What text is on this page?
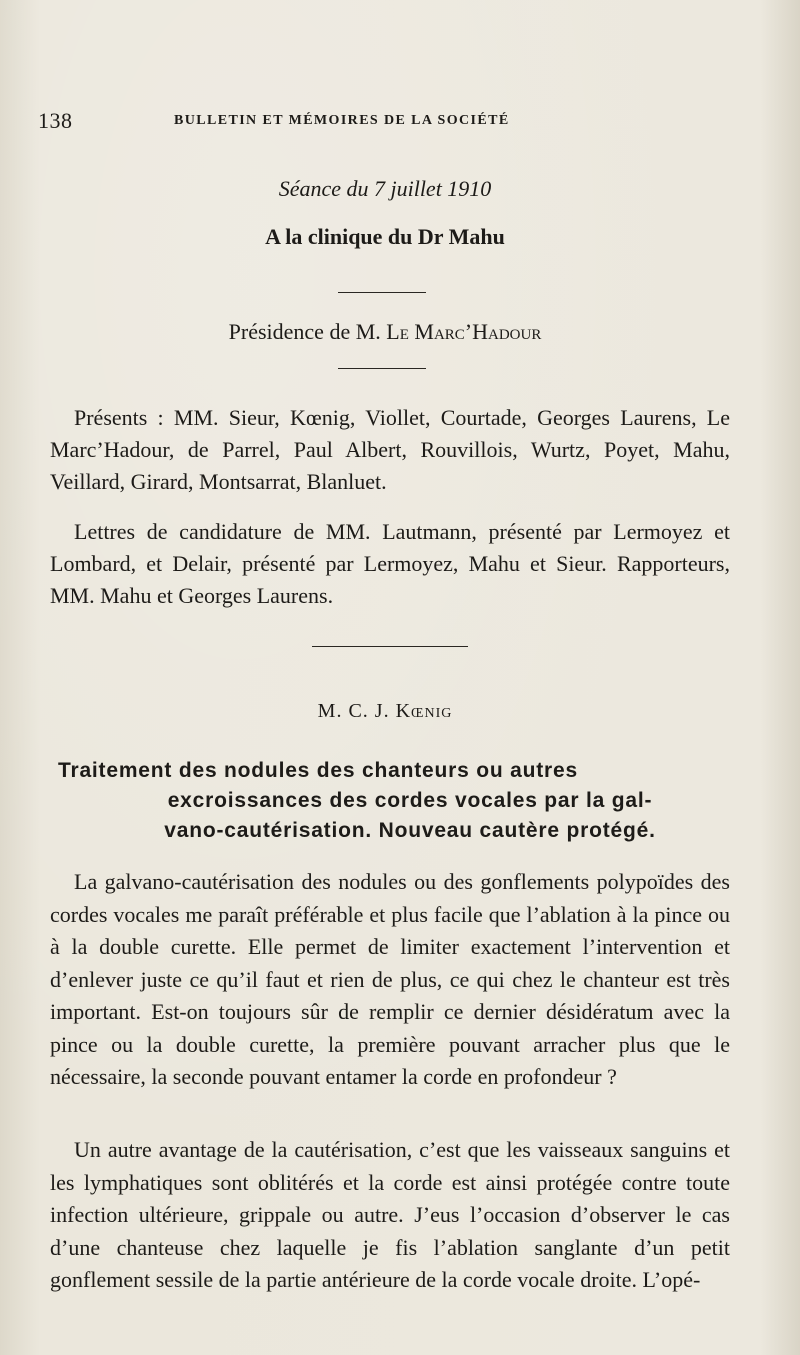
138	BULLETIN ET MÉMOIRES DE LA SOCIÉTÉ
Séance du 7 juillet 1910
A la clinique du Dr Mahu
Présidence de M. Le Marc’Hadour

Présents : MM. Sieur, Kœnig, Viollet, Courtade, Georges Laurens, Le Marc’Hadour, de Parrel, Paul Albert, Rouvillois, Wurtz, Poyet, Mahu, Veillard, Girard, Montsarrat, Blanluet.

Lettres de candidature de MM. Lautmann, présenté par Lermoyez et Lombard, et Delair, présenté par Lermoyez, Mahu et Sieur. Rapporteurs, MM. Mahu et Georges Laurens.

M. C. J. Kœnig
Traitement des nodules des chanteurs ou autres
excroissances des cordes vocales par la gal-
vano-cautérisation. Nouveau cautère protégé.

La galvano-cautérisation des nodules ou des gonflements polypoïdes des cordes vocales me paraît préférable et plus facile que l’ablation à la pince ou à la double curette. Elle permet de limiter exactement l’intervention et d’enlever juste ce qu’il faut et rien de plus, ce qui chez le chanteur est très important. Est-on toujours sûr de remplir ce dernier désidératum avec la pince ou la double curette, la première pouvant arracher plus que le nécessaire, la seconde pouvant entamer la corde en profondeur ?

Un autre avantage de la cautérisation, c’est que les vaisseaux sanguins et les lymphatiques sont oblitérés et la corde est ainsi protégée contre toute infection ultérieure, grippale ou autre. J’eus l’occasion d’observer le cas d’une chanteuse chez laquelle je fis l’ablation sanglante d’un petit gonflement sessile de la partie antérieure de la corde vocale droite. L’opé-
